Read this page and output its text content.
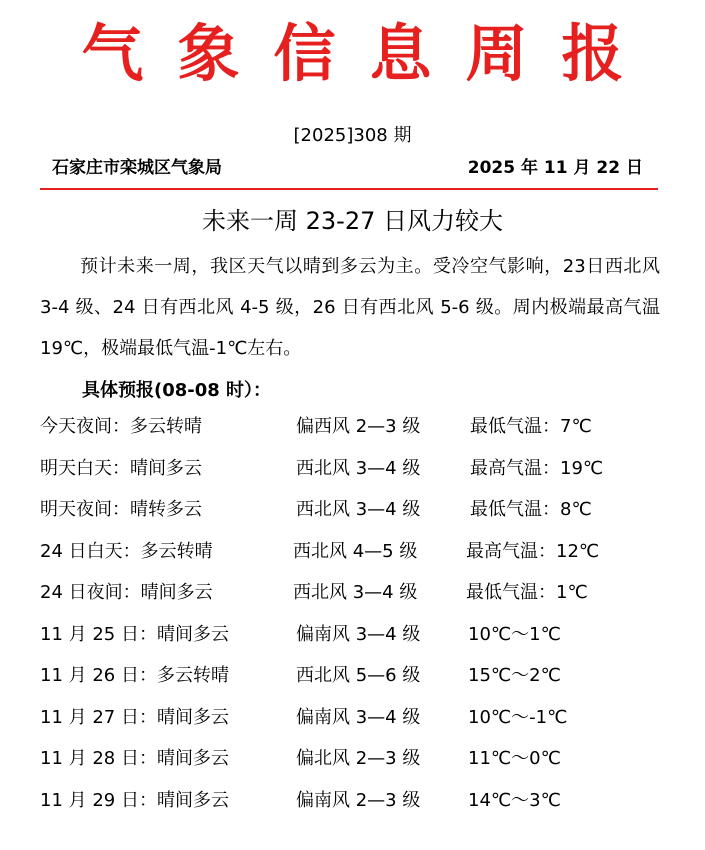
气象信息周报
[2025]308 期
石家庄市栾城区气象局	2025 年 11 月 22 日
未来一周 23-27 日风力较大

预计未来一周，我区天气以晴到多云为主。受冷空气影响，23日西北风 3-4 级、24 日有西北风 4-5 级，26 日有西北风 5-6 级。周内极端最高气温 19℃，极端最低气温-1℃左右。

具体预报(08-08 时）：
今天夜间：多云转晴	偏西风 2—3 级	最低气温：7℃
明天白天：晴间多云	西北风 3—4 级	最高气温：19℃
明天夜间：晴转多云	西北风 3—4 级	最低气温：8℃
24 日白天：多云转晴	西北风 4—5 级	最高气温：12℃
24 日夜间：晴间多云	西北风 3—4 级	最低气温：1℃
11 月 25 日：晴间多云	偏南风 3—4 级	10℃～1℃
11 月 26 日：多云转晴	西北风 5—6 级	15℃～2℃
11 月 27 日：晴间多云	偏南风 3—4 级	10℃～-1℃
11 月 28 日：晴间多云	偏北风 2—3 级	11℃～0℃
11 月 29 日：晴间多云	偏南风 2—3 级	14℃～3℃
